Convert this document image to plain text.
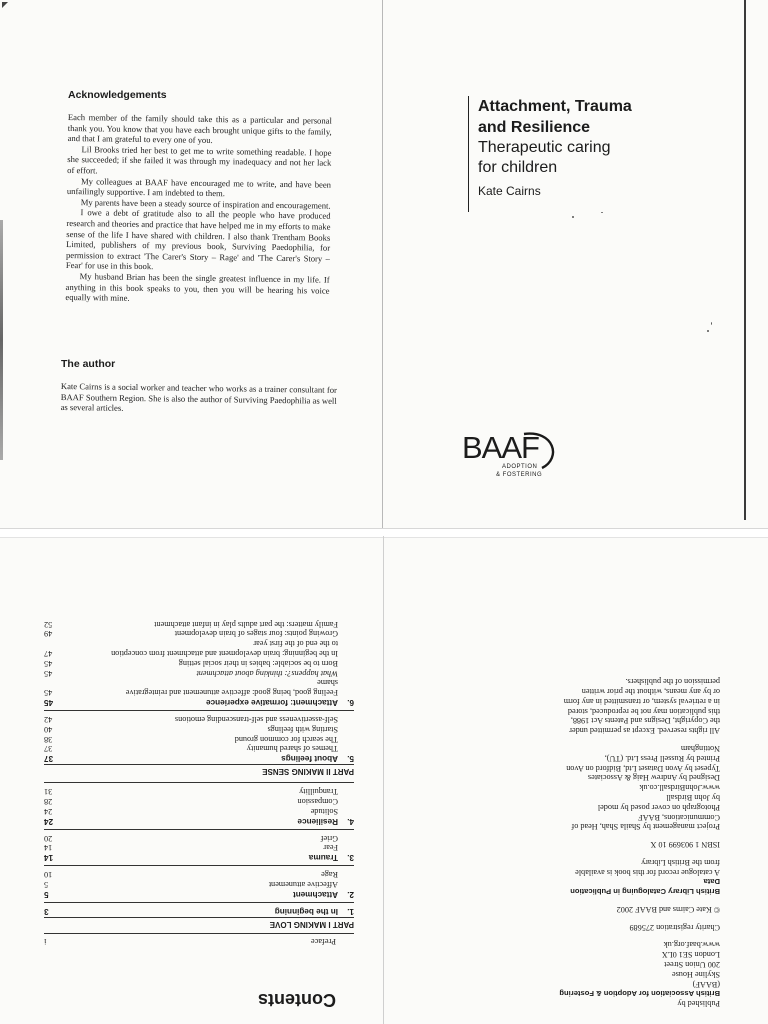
Acknowledgements

Each member of the family should take this as a particular and personal thank you. You know that you have each brought unique gifts to the family, and that I am grateful to every one of you.

Lil Brooks tried her best to get me to write something readable. I hope she succeeded; if she failed it was through my inadequacy and not her lack of effort.

My colleagues at BAAF have encouraged me to write, and have been unfailingly supportive. I am indebted to them.

My parents have been a steady source of inspiration and encouragement.

I owe a debt of gratitude also to all the people who have produced research and theories and practice that have helped me in my efforts to make sense of the life I have shared with children. I also thank Trentham Books Limited, publishers of my previous book, Surviving Paedophilia, for permission to extract 'The Carer's Story – Rage' and 'The Carer's Story – Fear' for use in this book.

My husband Brian has been the single greatest influence in my life. If anything in this book speaks to you, then you will be hearing his voice equally with mine.

The author

Kate Cairns is a social worker and teacher who works as a trainer consultant for BAAF Southern Region. She is also the author of Surviving Paedophilia as well as several articles.

Attachment, Trauma
and Resilience
Therapeutic caring
for children
Kate Cairns
BAAF
ADOPTION
& FOSTERING
Contents
Preface
i
PART I MAKING LOVE
1.In the beginning
3
2.Attachment
5
Affective attunement
5
Rage
10
3.Trauma
14
Fear
14
Grief
20
4.Resilience
24
Solitude
24
Compassion
28
Tranquillity
31
PART II MAKING SENSE
5.About feelings
37
Themes of shared humanity
37
The search for common ground
38
Starting with feelings
40
Self-assertiveness and self-transcending emotions
42
6.Attachment: formative experience
45
Feeling good, being good: affective attunement and reintegrative shame
45
What happens?: thinking about attachment
45
Born to be sociable: babies in their social setting
45
In the beginning: brain development and attachment from conception to the end of the first year
47
Growing points: four stages of brain development
49
Family matters: the part adults play in infant attachment
52

Published by

British Association for Adoption & Fostering

(BAAF)

Skyline House

200 Union Street

London SE1 0LX

www.baaf.org.uk

Charity registration 275689

© Kate Cairns and BAAF 2002

British Library Cataloguing in Publication

Data

A catalogue record for this book is available

from the British Library

ISBN 1 903699 10 X

Project management by Shaila Shah, Head of

Communications, BAAF

Photograph on cover posed by model

by John Birdsall

www.JohnBirdsall.co.uk

Designed by Andrew Haig & Associates

Typeset by Avon Dataset Ltd, Bidford on Avon

Printed by Russell Press Ltd. (TU),

Nottingham

All rights reserved. Except as permitted under

the Copyright, Designs and Patents Act 1988,

this publication may not be reproduced, stored

in a retrieval system, or transmitted in any form

or by any means, without the prior written

permission of the publishers.
